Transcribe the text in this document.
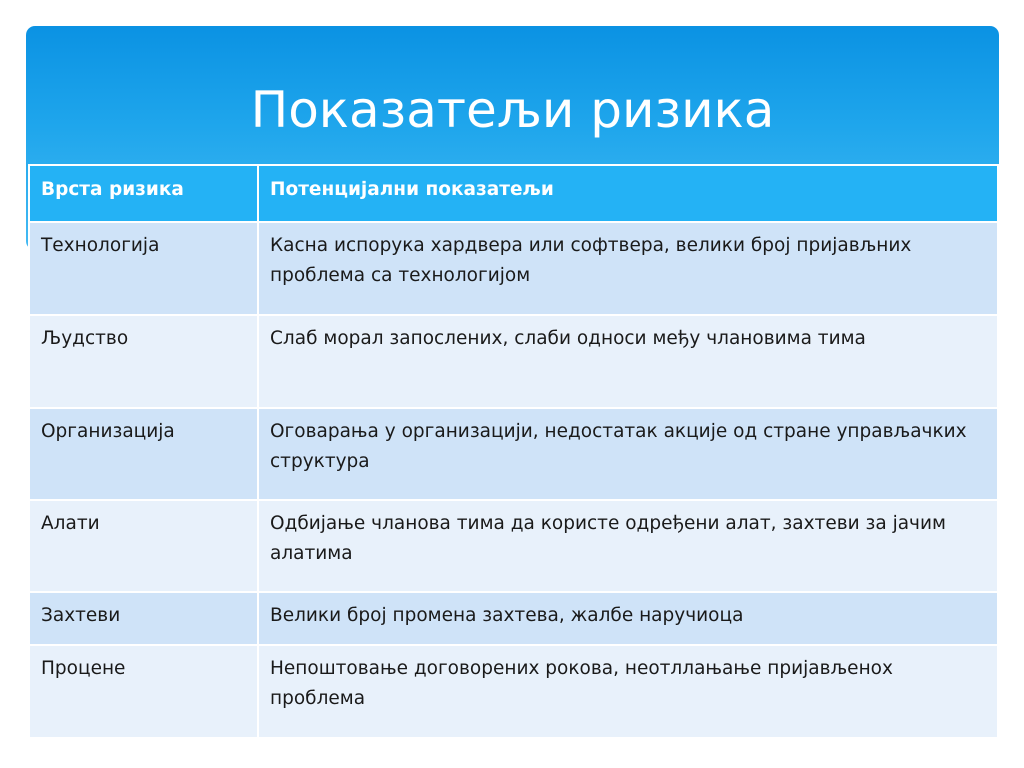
Показатељи ризика
Врста ризика	Потенцијални показатељи
Технологија	Касна испорука хардвера или софтвера, велики број пријављних проблема са технологијом
Људство	Слаб морал запослених, слаби односи међу члановима тима
Организација	Оговарања у организацији, недостатак акције од стране управљачких структура
Алати	Одбијање чланова тима да користе одређени алат, захтеви за јачим алатима
Захтеви	Велики број промена захтева, жалбе наручиоца
Процене	Непоштовање договорених рокова, неотллањање пријављеноx проблема
